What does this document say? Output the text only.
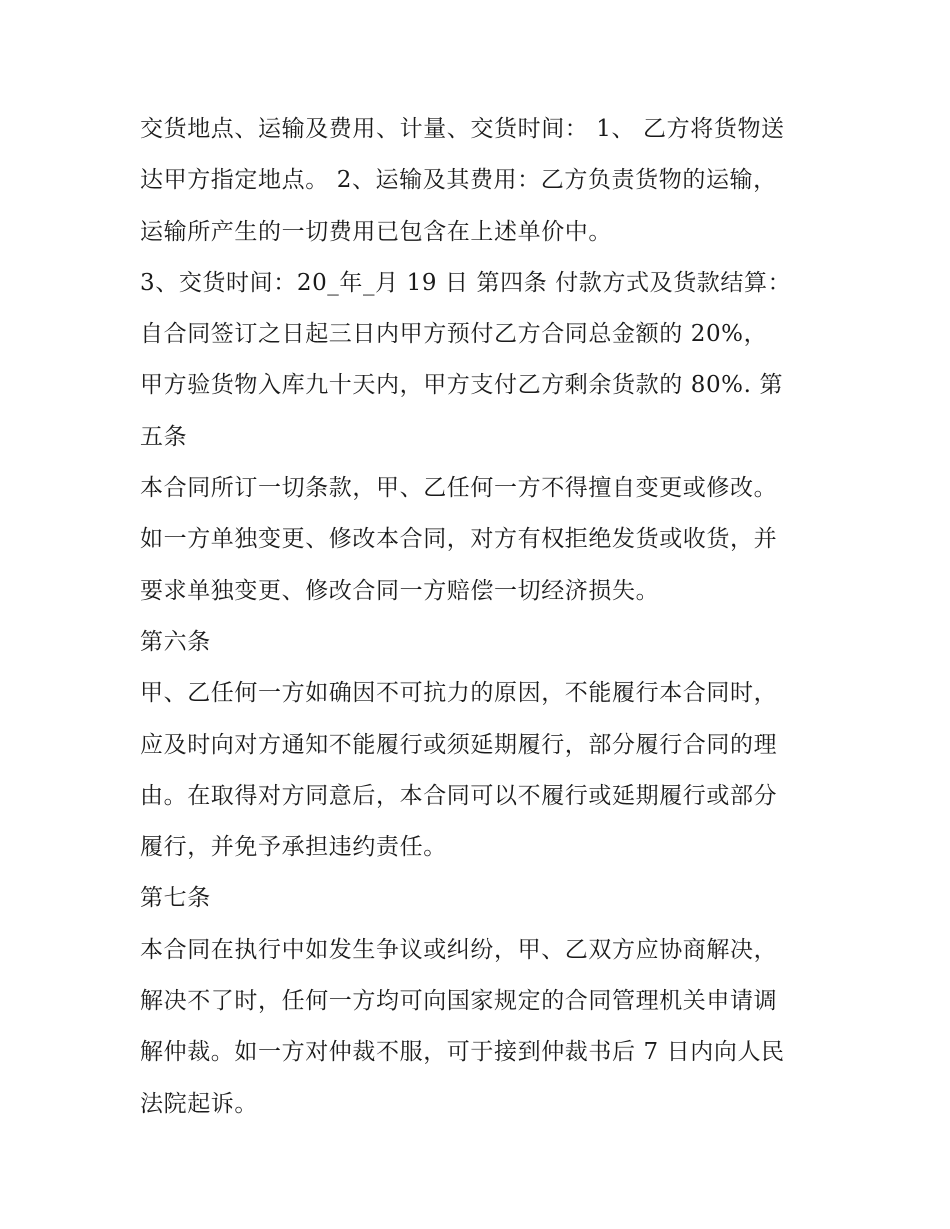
交货地点、运输及费用、计量、交货时间： 1、 乙方将货物送
达甲方指定地点。 2、运输及其费用：乙方负责货物的运输，
运输所产生的一切费用已包含在上述单价中。
3、交货时间：20_年_月 19 日 第四条 付款方式及货款结算：
自合同签订之日起三日内甲方预付乙方合同总金额的 20%，
甲方验货物入库九十天内，甲方支付乙方剩余货款的 80%. 第
五条
本合同所订一切条款，甲、乙任何一方不得擅自变更或修改。
如一方单独变更、修改本合同，对方有权拒绝发货或收货，并
要求单独变更、修改合同一方赔偿一切经济损失。
第六条
甲、乙任何一方如确因不可抗力的原因，不能履行本合同时，
应及时向对方通知不能履行或须延期履行，部分履行合同的理
由。在取得对方同意后，本合同可以不履行或延期履行或部分
履行，并免予承担违约责任。
第七条
本合同在执行中如发生争议或纠纷，甲、乙双方应协商解决，
解决不了时，任何一方均可向国家规定的合同管理机关申请调
解仲裁。如一方对仲裁不服，可于接到仲裁书后 7 日内向人民
法院起诉。
